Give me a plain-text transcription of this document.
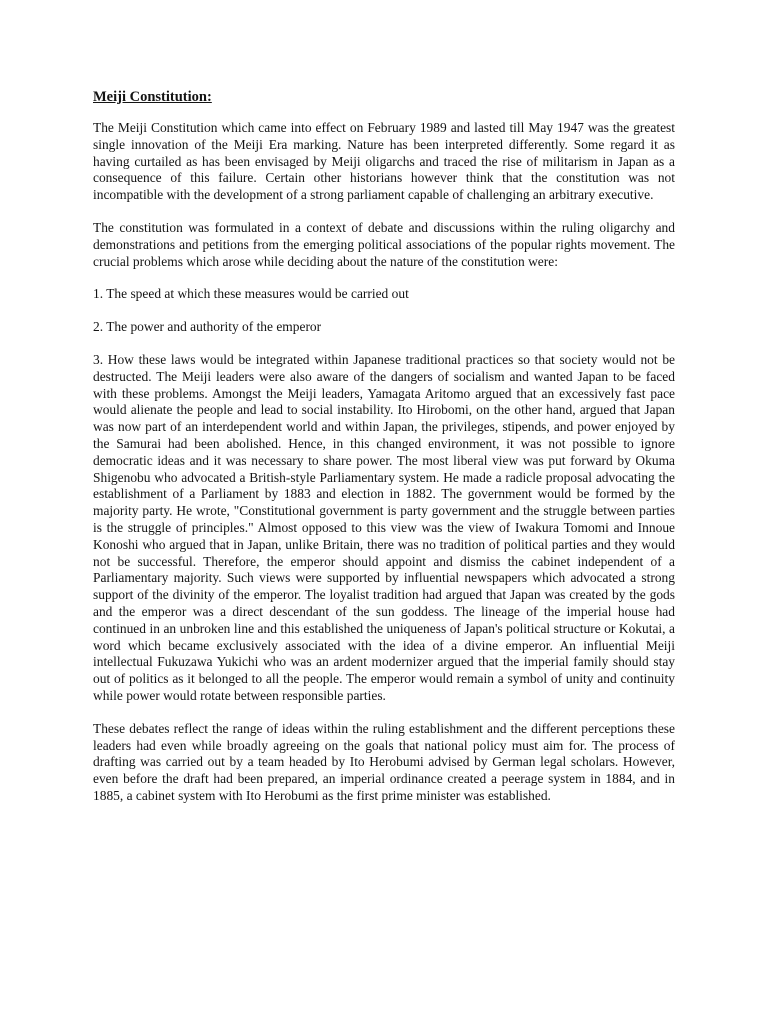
Meiji Constitution:

The Meiji Constitution which came into effect on February 1989 and lasted till May 1947 was the greatest single innovation of the Meiji Era marking. Nature has been interpreted differently. Some regard it as having curtailed as has been envisaged by Meiji oligarchs and traced the rise of militarism in Japan as a consequence of this failure. Certain other historians however think that the constitution was not incompatible with the development of a strong parliament capable of challenging an arbitrary executive.

The constitution was formulated in a context of debate and discussions within the ruling oligarchy and demonstrations and petitions from the emerging political associations of the popular rights movement. The crucial problems which arose while deciding about the nature of the constitution were:

1. The speed at which these measures would be carried out

2. The power and authority of the emperor

3. How these laws would be integrated within Japanese traditional practices so that society would not be destructed. The Meiji leaders were also aware of the dangers of socialism and wanted Japan to be faced with these problems. Amongst the Meiji leaders, Yamagata Aritomo argued that an excessively fast pace would alienate the people and lead to social instability. Ito Hirobomi, on the other hand, argued that Japan was now part of an interdependent world and within Japan, the privileges, stipends, and power enjoyed by the Samurai had been abolished. Hence, in this changed environment, it was not possible to ignore democratic ideas and it was necessary to share power. The most liberal view was put forward by Okuma Shigenobu who advocated a British-style Parliamentary system. He made a radicle proposal advocating the establishment of a Parliament by 1883 and election in 1882. The government would be formed by the majority party. He wrote, "Constitutional government is party government and the struggle between parties is the struggle of principles." Almost opposed to this view was the view of Iwakura Tomomi and Innoue Konoshi who argued that in Japan, unlike Britain, there was no tradition of political parties and they would not be successful. Therefore, the emperor should appoint and dismiss the cabinet independent of a Parliamentary majority. Such views were supported by influential newspapers which advocated a strong support of the divinity of the emperor. The loyalist tradition had argued that Japan was created by the gods and the emperor was a direct descendant of the sun goddess. The lineage of the imperial house had continued in an unbroken line and this established the uniqueness of Japan's political structure or Kokutai, a word which became exclusively associated with the idea of a divine emperor. An influential Meiji intellectual Fukuzawa Yukichi who was an ardent modernizer argued that the imperial family should stay out of politics as it belonged to all the people. The emperor would remain a symbol of unity and continuity while power would rotate between responsible parties.

These debates reflect the range of ideas within the ruling establishment and the different perceptions these leaders had even while broadly agreeing on the goals that national policy must aim for. The process of drafting was carried out by a team headed by Ito Herobumi advised by German legal scholars. However, even before the draft had been prepared, an imperial ordinance created a peerage system in 1884, and in 1885, a cabinet system with Ito Herobumi as the first prime minister was established.
